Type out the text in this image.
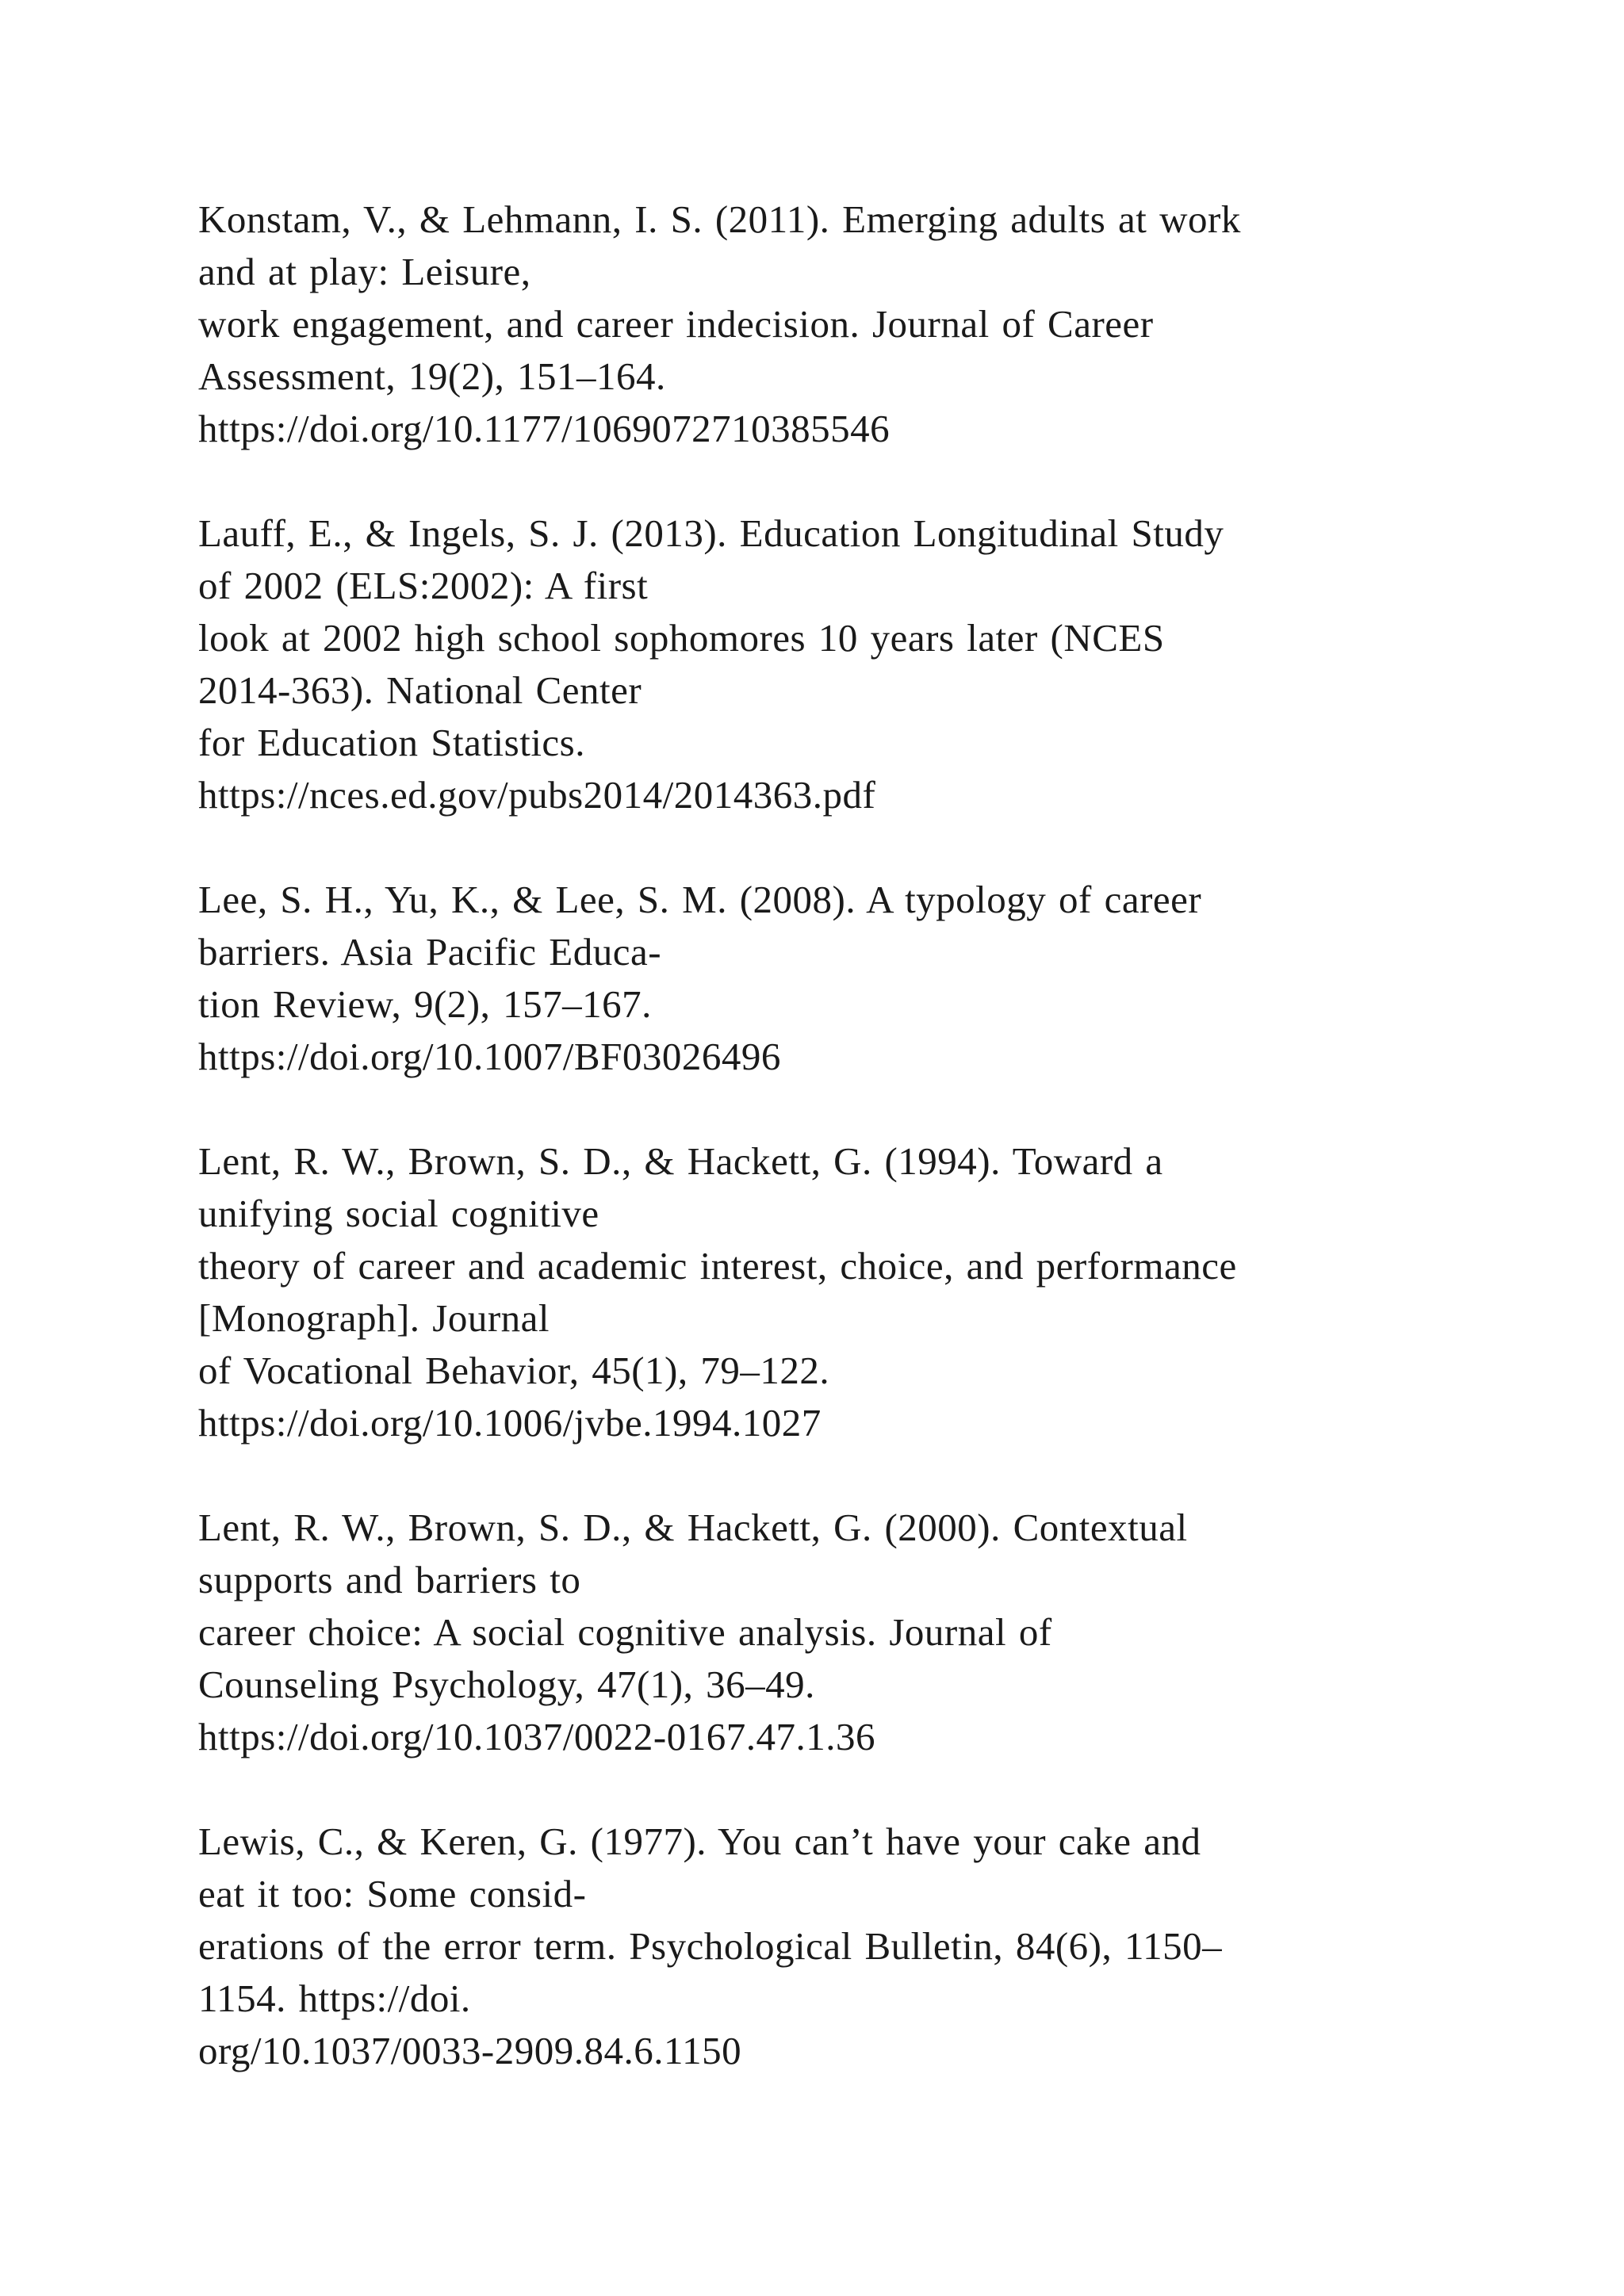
Konstam, V., & Lehmann, I. S. (2011). Emerging adults at work
and at play: Leisure,
work engagement, and career indecision. Journal of Career
Assessment, 19(2), 151–164.
https://doi.org/10.1177/1069072710385546
Lauff, E., & Ingels, S. J. (2013). Education Longitudinal Study
of 2002 (ELS:2002): A first
look at 2002 high school sophomores 10 years later (NCES
2014-363). National Center
for Education Statistics.
https://nces.ed.gov/pubs2014/2014363.pdf
Lee, S. H., Yu, K., & Lee, S. M. (2008). A typology of career
barriers. Asia Pacific Educa-
tion Review, 9(2), 157–167.
https://doi.org/10.1007/BF03026496
Lent, R. W., Brown, S. D., & Hackett, G. (1994). Toward a
unifying social cognitive
theory of career and academic interest, choice, and performance
[Monograph]. Journal
of Vocational Behavior, 45(1), 79–122.
https://doi.org/10.1006/jvbe.1994.1027
Lent, R. W., Brown, S. D., & Hackett, G. (2000). Contextual
supports and barriers to
career choice: A social cognitive analysis. Journal of
Counseling Psychology, 47(1), 36–49.
https://doi.org/10.1037/0022-0167.47.1.36
Lewis, C., & Keren, G. (1977). You can’t have your cake and
eat it too: Some consid-
erations of the error term. Psychological Bulletin, 84(6), 1150–
1154. https://doi.
org/10.1037/0033-2909.84.6.1150
